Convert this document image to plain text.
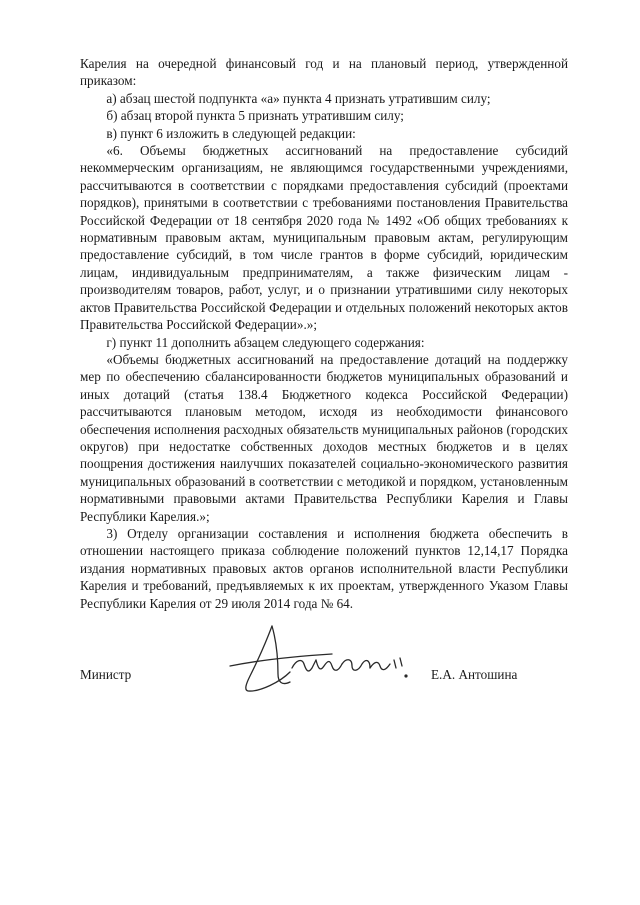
Карелия на очередной финансовый год и на плановый период, утвержденной приказом:

а) абзац шестой подпункта «а» пункта 4 признать утратившим силу;

б) абзац второй пункта 5 признать утратившим силу;

в) пункт 6 изложить в следующей редакции:

«6. Объемы бюджетных ассигнований на предоставление субсидий некоммерческим организациям, не являющимся государственными учреждениями, рассчитываются в соответствии с порядками предоставления субсидий (проектами порядков), принятыми в соответствии с требованиями постановления Правительства Российской Федерации от 18 сентября 2020 года № 1492 «Об общих требованиях к нормативным правовым актам, муниципальным правовым актам, регулирующим предоставление субсидий, в том числе грантов в форме субсидий, юридическим лицам, индивидуальным предпринимателям, а также физическим лицам - производителям товаров, работ, услуг, и о признании утратившими силу некоторых актов Правительства Российской Федерации и отдельных положений некоторых актов Правительства Российской Федерации».»;

г) пункт 11 дополнить абзацем следующего содержания:

«Объемы бюджетных ассигнований на предоставление дотаций на поддержку мер по обеспечению сбалансированности бюджетов муниципальных образований и иных дотаций (статья 138.4 Бюджетного кодекса Российской Федерации) рассчитываются плановым методом, исходя из необходимости финансового обеспечения исполнения расходных обязательств муниципальных районов (городских округов) при недостатке собственных доходов местных бюджетов и в целях поощрения достижения наилучших показателей социально-экономического развития муниципальных образований в соответствии с методикой и порядком, установленным нормативными правовыми актами Правительства Республики Карелия и Главы Республики Карелия.»;

3) Отделу организации составления и исполнения бюджета обеспечить в отношении настоящего приказа соблюдение положений пунктов 12,14,17 Порядка издания нормативных правовых актов органов исполнительной власти Республики Карелия и требований, предъявляемых к их проектам, утвержденного Указом Главы Республики Карелия от 29 июля 2014 года № 64.

Министр	Е.А. Антошина
